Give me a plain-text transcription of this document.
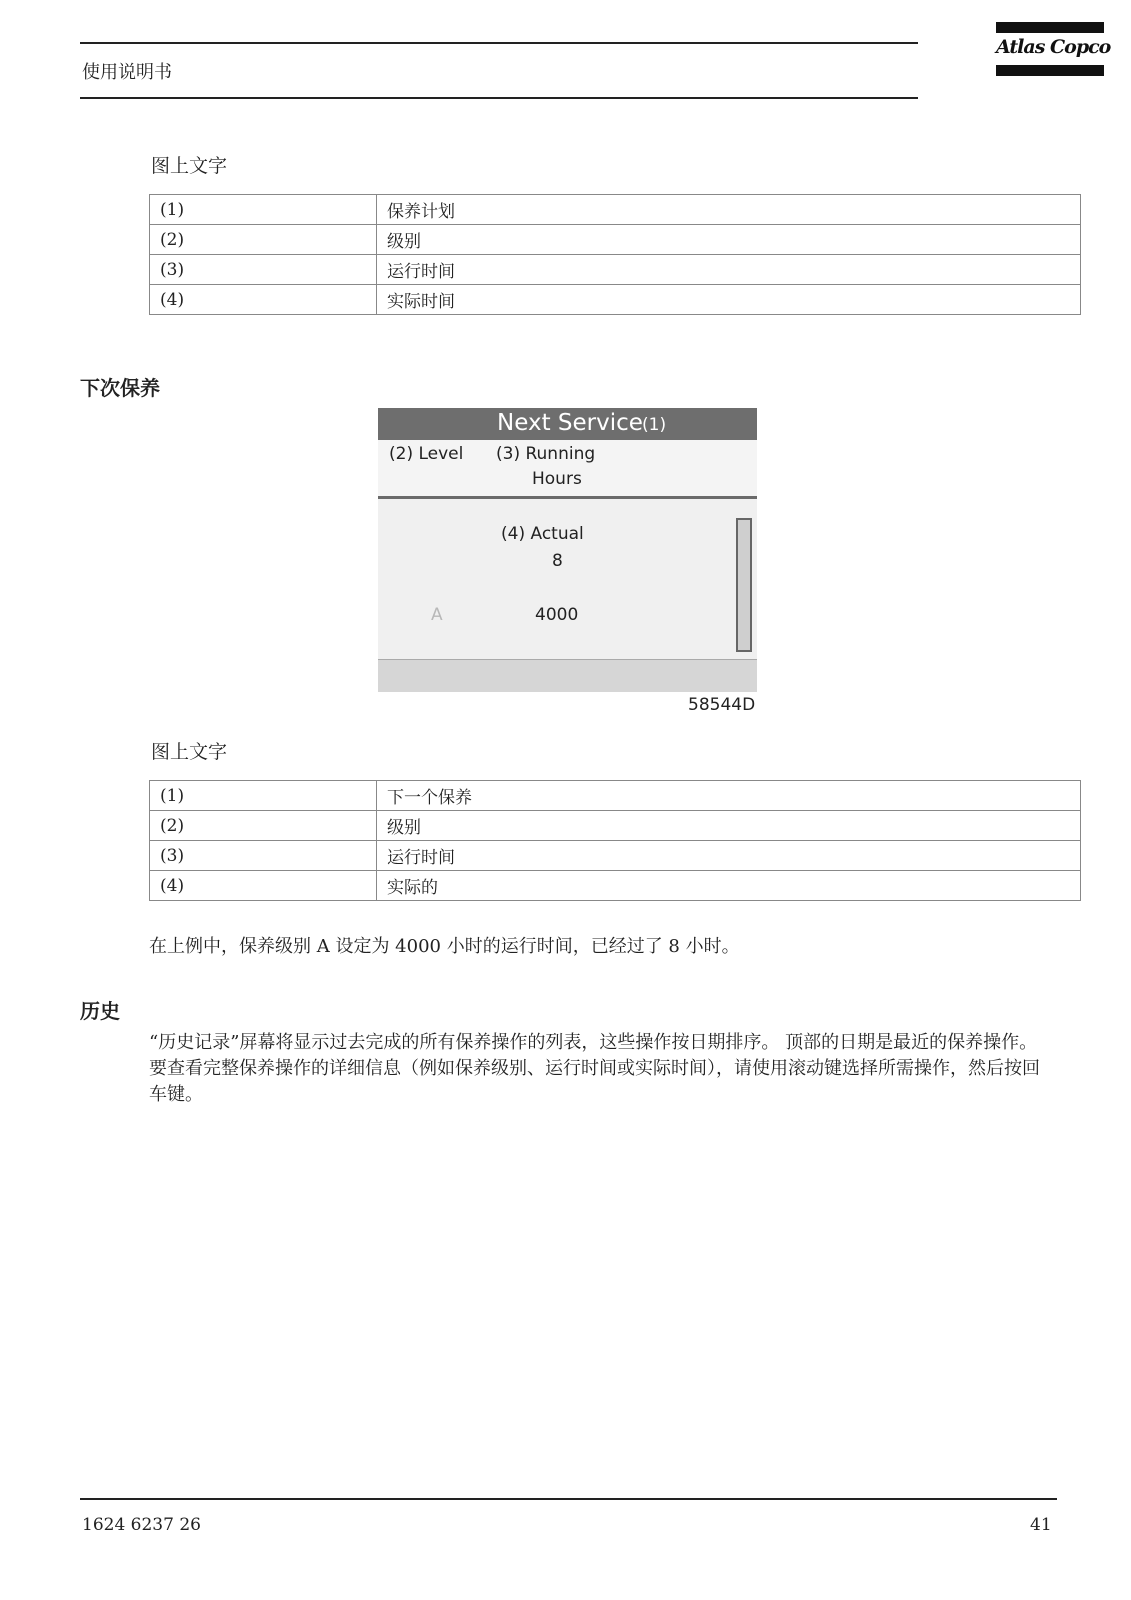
使用说明书
Atlas Copco
图上文字
(1)	保养计划
(2)	级别
(3)	运行时间
(4)	实际时间
下次保养
Next Service (1)
(2) Level (3) Running
Hours
(4) Actual
8
A	4000
58544D
图上文字
(1)	下一个保养
(2)	级别
(3)	运行时间
(4)	实际的
在上例中，保养级别 A 设定为 4000 小时的运行时间，已经过了 8 小时。
历史
“历史记录”屏幕将显示过去完成的所有保养操作的列表，这些操作按日期排序。 顶部的日期是最近的保养操作。 要查看完整保养操作的详细信息（例如保养级别、运行时间或实际时间），请使用滚动键选择所需操作，然后按回车键。
1624 6237 26	41
